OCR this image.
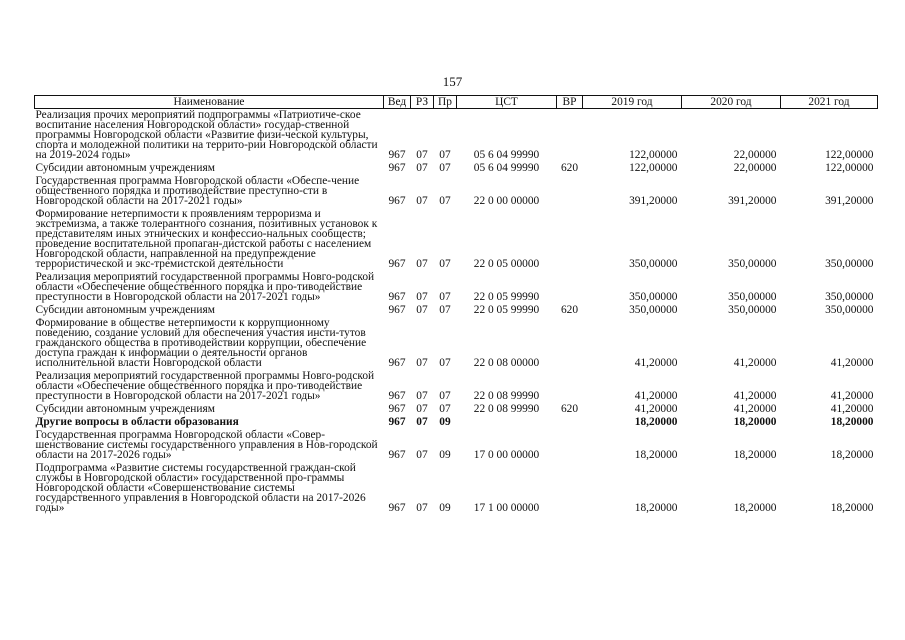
157
Наименование	Вед	РЗ	Пр	ЦСТ	ВР	2019 год	2020 год	2021 год
Реализация прочих мероприятий подпрограммы «Патриотиче-ское воспитание населения Новгородской области» государ-ственной программы Новгородской области «Развитие физи-ческой культуры, спорта и молодежной политики на террито-рии Новгородской области на 2019-2024 годы»	967	07	07	05 6 04 99990		122,00000	22,00000	122,00000
Субсидии автономным учреждениям	967	07	07	05 6 04 99990	620	122,00000	22,00000	122,00000
Государственная программа Новгородской области «Обеспе-чение общественного порядка и противодействие преступно-сти в Новгородской области на 2017-2021 годы»	967	07	07	22 0 00 00000		391,20000	391,20000	391,20000
Формирование нетерпимости к проявлениям терроризма и экстремизма, а также толерантного сознания, позитивных установок к представителям иных этнических и конфессио-нальных сообществ; проведение воспитательной пропаган-дистской работы с населением Новгородской области, направленной на предупреждение террористической и экс-тремистской деятельности	967	07	07	22 0 05 00000		350,00000	350,00000	350,00000
Реализация мероприятий государственной программы Новго-родской области «Обеспечение общественного порядка и про-тиводействие преступности в Новгородской области на 2017-2021 годы»	967	07	07	22 0 05 99990		350,00000	350,00000	350,00000
Субсидии автономным учреждениям	967	07	07	22 0 05 99990	620	350,00000	350,00000	350,00000
Формирование в обществе нетерпимости к коррупционному поведению, создание условий для обеспечения участия инсти-тутов гражданского общества в противодействии коррупции, обеспечение доступа граждан к информации о деятельности органов исполнительной власти Новгородской области	967	07	07	22 0 08 00000		41,20000	41,20000	41,20000
Реализация мероприятий государственной программы Новго-родской области «Обеспечение общественного порядка и про-тиводействие преступности в Новгородской области на 2017-2021 годы»	967	07	07	22 0 08 99990		41,20000	41,20000	41,20000
Субсидии автономным учреждениям	967	07	07	22 0 08 99990	620	41,20000	41,20000	41,20000
Другие вопросы в области образования	967	07	09			18,20000	18,20000	18,20000
Государственная программа Новгородской области «Совер-шенствование системы государственного управления в Нов-городской области на 2017-2026 годы»	967	07	09	17 0 00 00000		18,20000	18,20000	18,20000
Подпрограмма «Развитие системы государственной граждан-ской службы в Новгородской области» государственной про-граммы Новгородской области «Совершенствование системы государственного управления в Новгородской области на 2017-2026 годы»	967	07	09	17 1 00 00000		18,20000	18,20000	18,20000
